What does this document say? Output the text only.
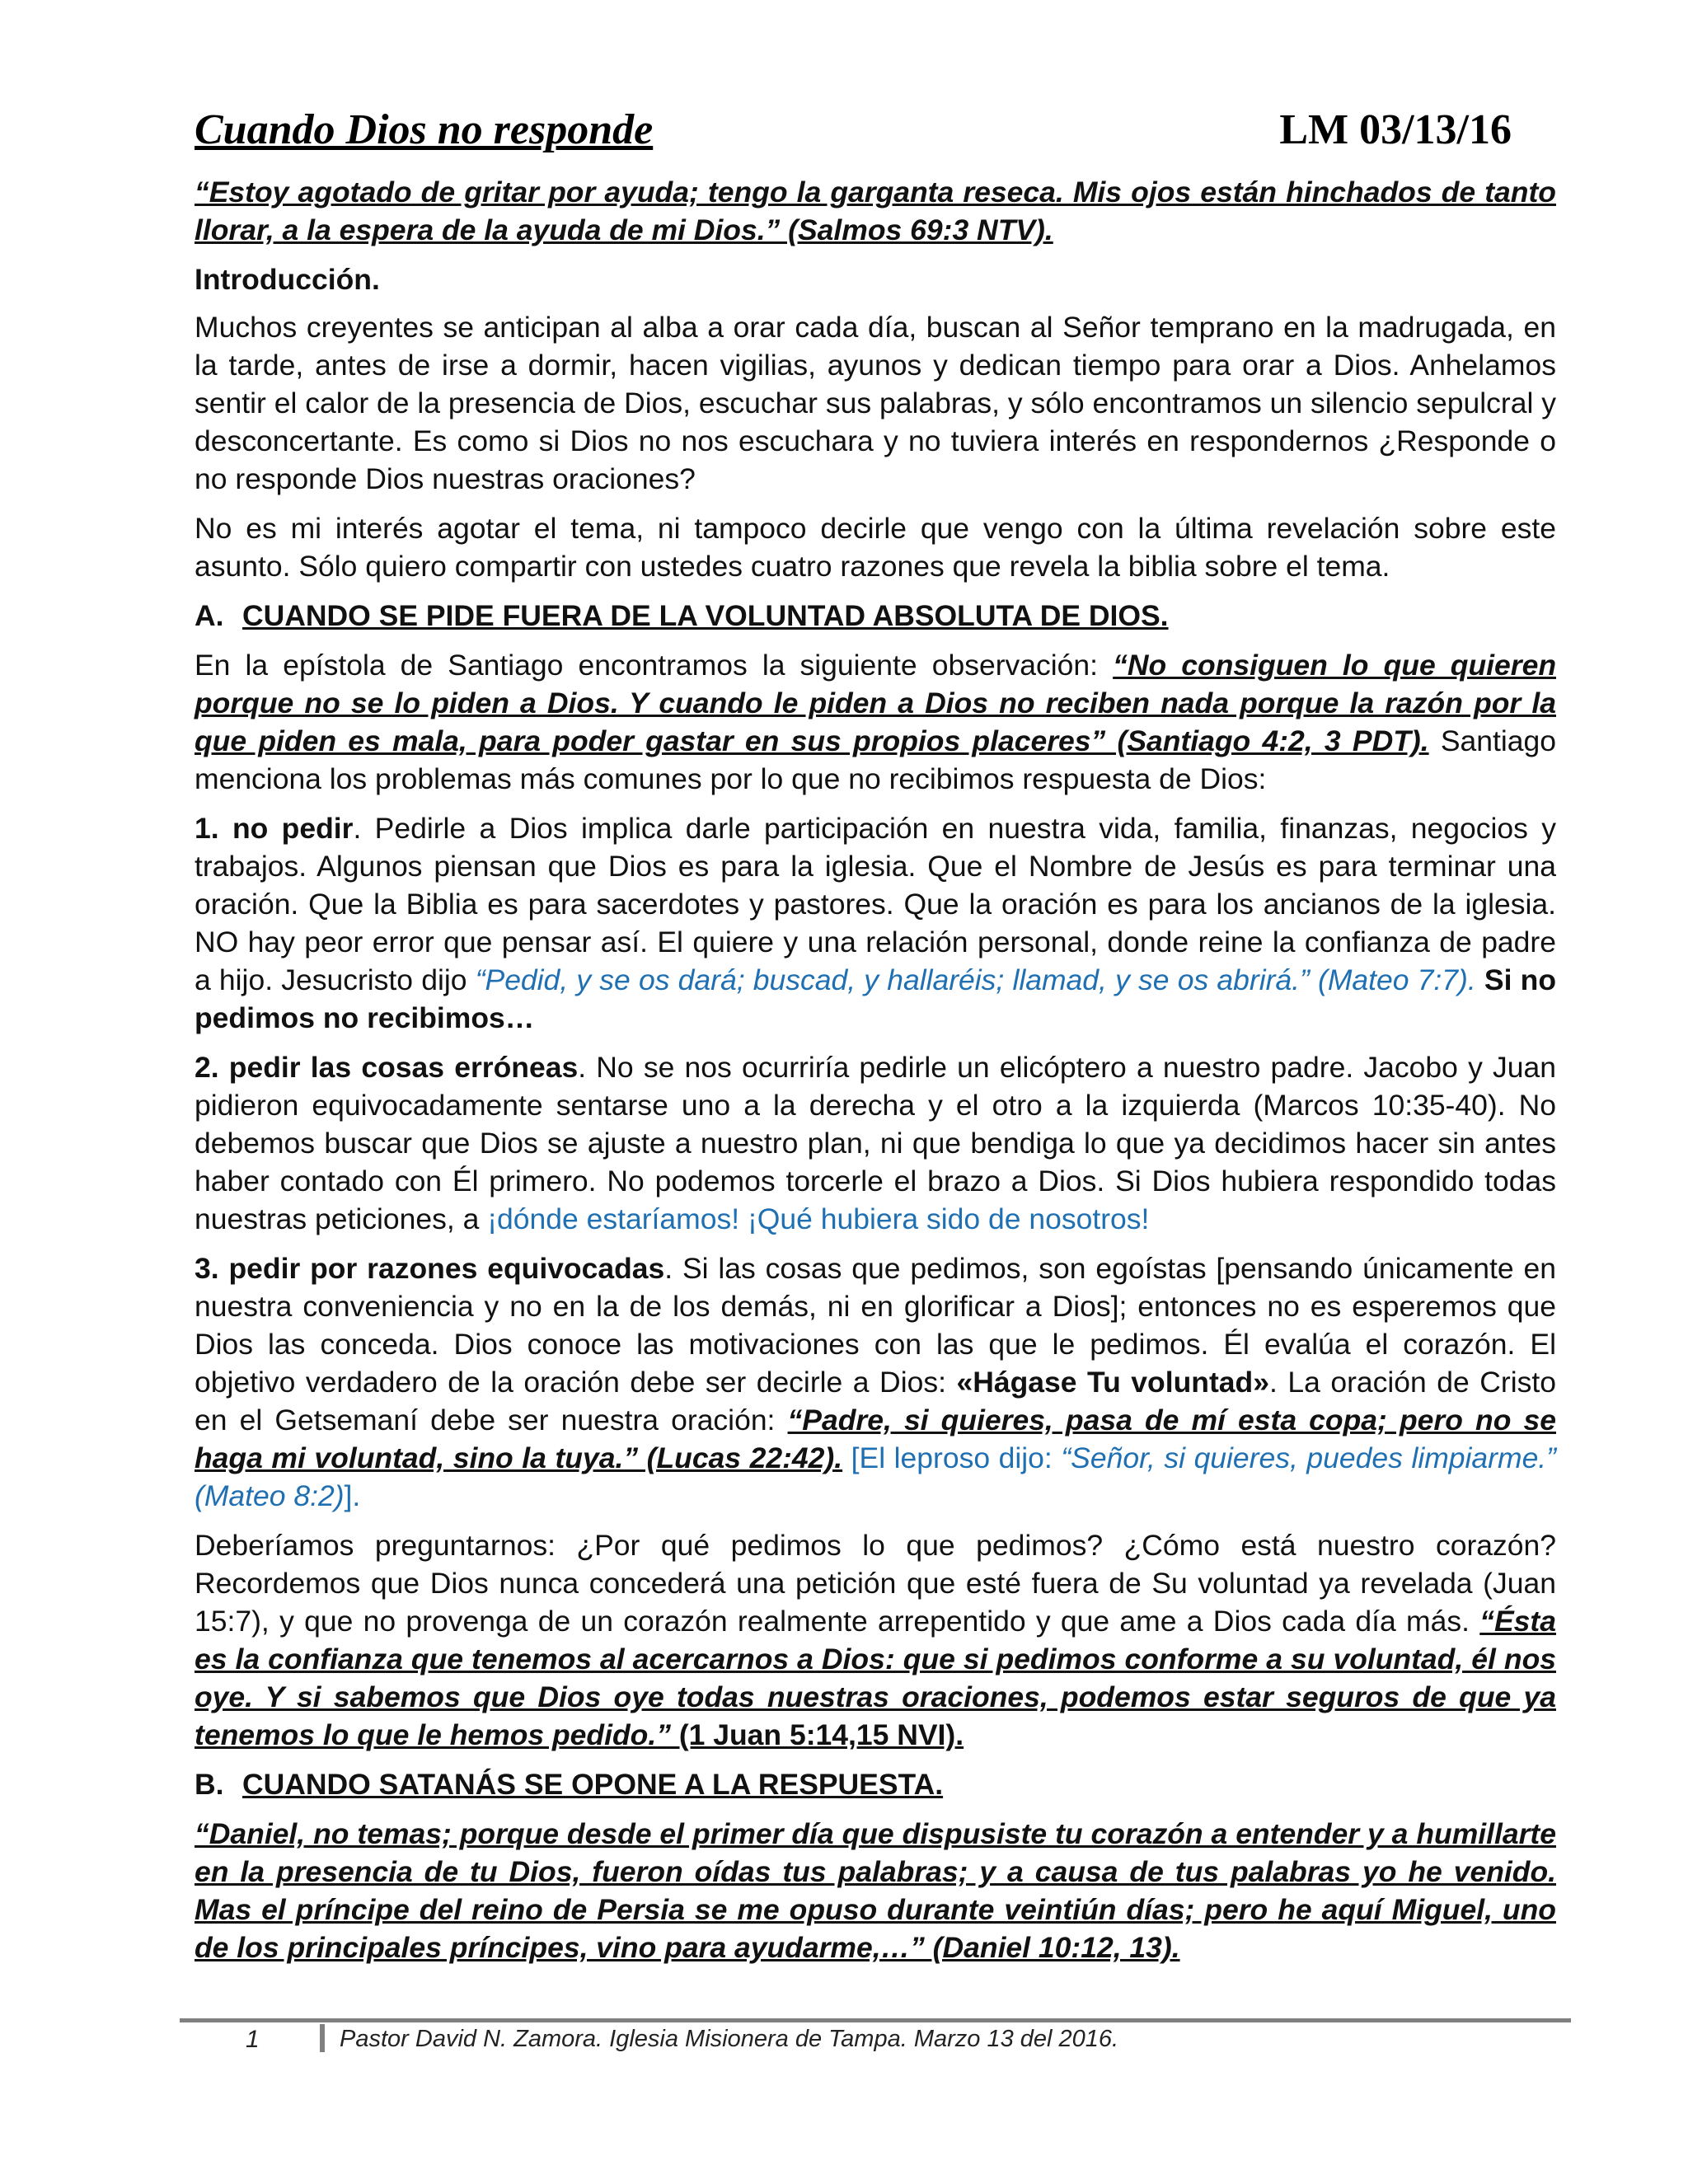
Cuando Dios no responde	LM 03/13/16

“Estoy agotado de gritar por ayuda; tengo la garganta reseca. Mis ojos están hinchados de tanto llorar, a la espera de la ayuda de mi Dios.” (Salmos 69:3 NTV).

Introducción.

Muchos creyentes se anticipan al alba a orar cada día, buscan al Señor temprano en la madrugada, en la tarde, antes de irse a dormir, hacen vigilias, ayunos y dedican tiempo para orar a Dios. Anhelamos sentir el calor de la presencia de Dios, escuchar sus palabras, y sólo encontramos un silencio sepulcral y desconcertante. Es como si Dios no nos escuchara y no tuviera interés en respondernos ¿Responde o no responde Dios nuestras oraciones?

No es mi interés agotar el tema, ni tampoco decirle que vengo con la última revelación sobre este asunto. Sólo quiero compartir con ustedes cuatro razones que revela la biblia sobre el tema.

A. CUANDO SE PIDE FUERA DE LA VOLUNTAD ABSOLUTA DE DIOS.

En la epístola de Santiago encontramos la siguiente observación: “No consiguen lo que quieren porque no se lo piden a Dios. Y cuando le piden a Dios no reciben nada porque la razón por la que piden es mala, para poder gastar en sus propios placeres” (Santiago 4:2, 3 PDT). Santiago menciona los problemas más comunes por lo que no recibimos respuesta de Dios:

1. no pedir. Pedirle a Dios implica darle participación en nuestra vida, familia, finanzas, negocios y trabajos. Algunos piensan que Dios es para la iglesia. Que el Nombre de Jesús es para terminar una oración. Que la Biblia es para sacerdotes y pastores. Que la oración es para los ancianos de la iglesia. NO hay peor error que pensar así. El quiere y una relación personal, donde reine la confianza de padre a hijo. Jesucristo dijo “Pedid, y se os dará; buscad, y hallaréis; llamad, y se os abrirá.” (Mateo 7:7). Si no pedimos no recibimos…

2. pedir las cosas erróneas. No se nos ocurriría pedirle un elicóptero a nuestro padre. Jacobo y Juan pidieron equivocadamente sentarse uno a la derecha y el otro a la izquierda (Marcos 10:35-40). No debemos buscar que Dios se ajuste a nuestro plan, ni que bendiga lo que ya decidimos hacer sin antes haber contado con Él primero. No podemos torcerle el brazo a Dios. Si Dios hubiera respondido todas nuestras peticiones, a ¡dónde estaríamos! ¡Qué hubiera sido de nosotros!

3. pedir por razones equivocadas. Si las cosas que pedimos, son egoístas [pensando únicamente en nuestra conveniencia y no en la de los demás, ni en glorificar a Dios]; entonces no es esperemos que Dios las conceda. Dios conoce las motivaciones con las que le pedimos. Él evalúa el corazón. El objetivo verdadero de la oración debe ser decirle a Dios: «Hágase Tu voluntad». La oración de Cristo en el Getsemaní debe ser nuestra oración: “Padre, si quieres, pasa de mí esta copa; pero no se haga mi voluntad, sino la tuya.” (Lucas 22:42). [El leproso dijo: “Señor, si quieres, puedes limpiarme.” (Mateo 8:2)].

Deberíamos preguntarnos: ¿Por qué pedimos lo que pedimos? ¿Cómo está nuestro corazón? Recordemos que Dios nunca concederá una petición que esté fuera de Su voluntad ya revelada (Juan 15:7), y que no provenga de un corazón realmente arrepentido y que ame a Dios cada día más. “Ésta es la confianza que tenemos al acercarnos a Dios: que si pedimos conforme a su voluntad, él nos oye. Y si sabemos que Dios oye todas nuestras oraciones, podemos estar seguros de que ya tenemos lo que le hemos pedido.” (1 Juan 5:14,15 NVI).

B. CUANDO SATANÁS SE OPONE A LA RESPUESTA.

“Daniel, no temas; porque desde el primer día que dispusiste tu corazón a entender y a humillarte en la presencia de tu Dios, fueron oídas tus palabras; y a causa de tus palabras yo he venido. Mas el príncipe del reino de Persia se me opuso durante veintiún días; pero he aquí Miguel, uno de los principales príncipes, vino para ayudarme,…” (Daniel 10:12, 13).

1	Pastor David N. Zamora. Iglesia Misionera de Tampa. Marzo 13 del 2016.
